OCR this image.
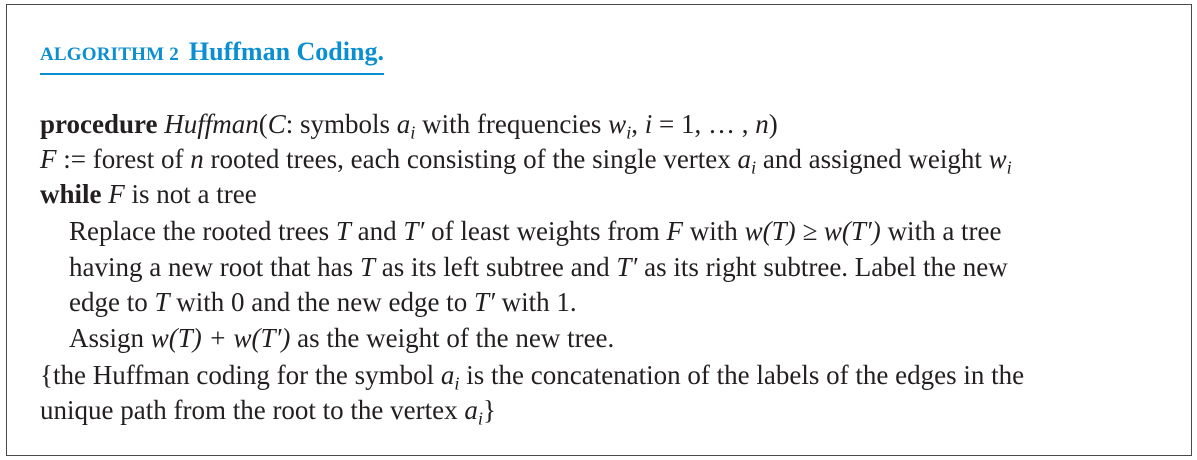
ALGORITHM 2 Huffman Coding.
procedure Huffman(C: symbols $a_i$ with frequencies $w_i$, i = 1, … , n)
F := forest of n rooted trees, each consisting of the single vertex $a_i$ and assigned weight $w_i$
while F is not a tree
Replace the rooted trees T and T′ of least weights from F with w(T) ≥ w(T′) with a tree
having a new root that has T as its left subtree and T′ as its right subtree. Label the new
edge to T with 0 and the new edge to T′ with 1.
Assign w(T) + w(T′) as the weight of the new tree.
{the Huffman coding for the symbol $a_i$ is the concatenation of the labels of the edges in the
unique path from the root to the vertex $a_i$}
